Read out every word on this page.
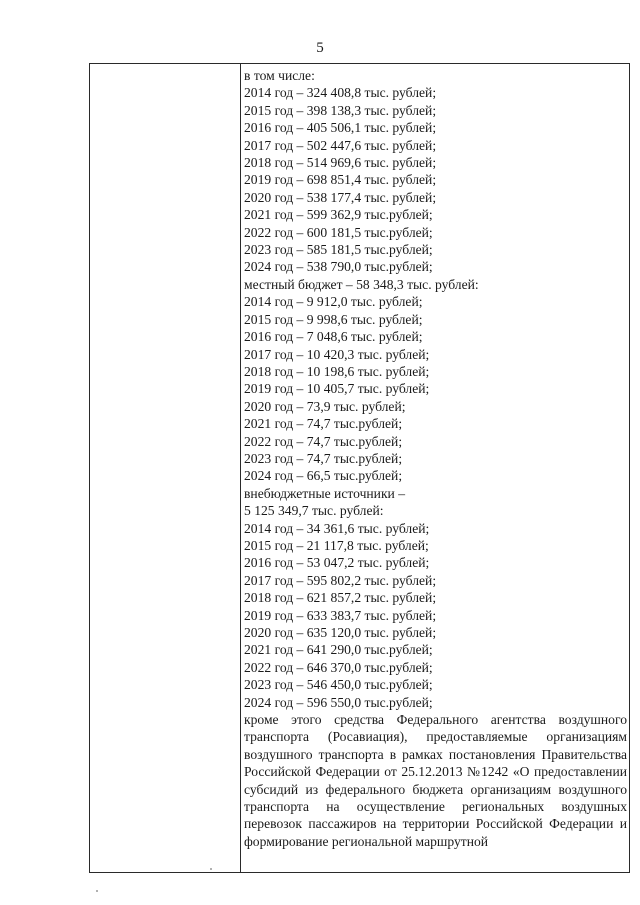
5
в том числе:
2014 год – 324 408,8 тыс. рублей;
2015 год – 398 138,3 тыс. рублей;
2016 год – 405 506,1 тыс. рублей;
2017 год – 502 447,6 тыс. рублей;
2018 год – 514 969,6 тыс. рублей;
2019 год – 698 851,4 тыс. рублей;
2020 год – 538 177,4 тыс. рублей;
2021 год – 599 362,9 тыс.рублей;
2022 год – 600 181,5 тыс.рублей;
2023 год – 585 181,5 тыс.рублей;
2024 год – 538 790,0 тыс.рублей;
местный бюджет – 58 348,3 тыс. рублей:
2014 год – 9 912,0 тыс. рублей;
2015 год – 9 998,6 тыс. рублей;
2016 год – 7 048,6 тыс. рублей;
2017 год – 10 420,3 тыс. рублей;
2018 год – 10 198,6 тыс. рублей;
2019 год – 10 405,7 тыс. рублей;
2020 год – 73,9 тыс. рублей;
2021 год – 74,7 тыс.рублей;
2022 год – 74,7 тыс.рублей;
2023 год – 74,7 тыс.рублей;
2024 год – 66,5 тыс.рублей;
внебюджетные источники –
5 125 349,7 тыс. рублей:
2014 год – 34 361,6 тыс. рублей;
2015 год – 21 117,8 тыс. рублей;
2016 год – 53 047,2 тыс. рублей;
2017 год – 595 802,2 тыс. рублей;
2018 год – 621 857,2 тыс. рублей;
2019 год – 633 383,7 тыс. рублей;
2020 год – 635 120,0 тыс. рублей;
2021 год – 641 290,0 тыс.рублей;
2022 год – 646 370,0 тыс.рублей;
2023 год – 546 450,0 тыс.рублей;
2024 год – 596 550,0 тыс.рублей;

кроме этого средства Федерального агентства воздушного транспорта (Росавиация), предоставляемые организациям воздушного транспорта в рамках постановления Правительства Российской Федерации от 25.12.2013 №1242 «О предоставлении субсидий из федерального бюджета организациям воздушного транспорта на осуществление региональных воздушных перевозок пассажиров на территории Российской Федерации и формирование региональной маршрутной
